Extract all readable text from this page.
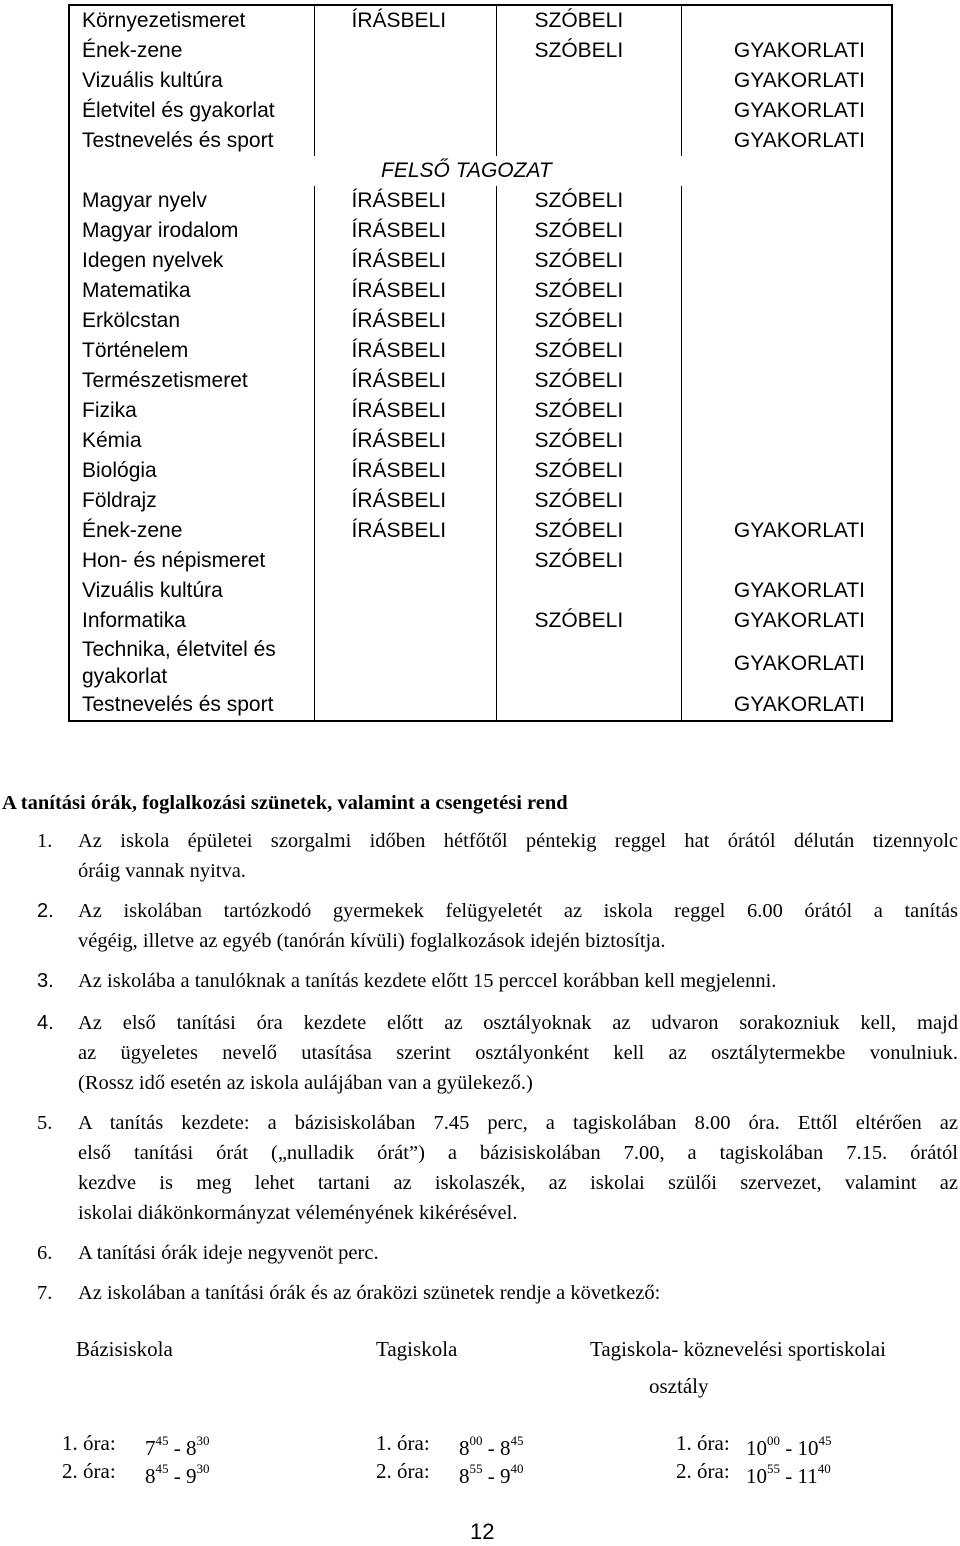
Környezetismeret	ÍRÁSBELI	SZÓBELI	
Ének-zene		SZÓBELI	GYAKORLATI
Vizuális kultúra			GYAKORLATI
Életvitel és gyakorlat			GYAKORLATI
Testnevelés és sport			GYAKORLATI
FELSŐ TAGOZAT			
Magyar nyelv	ÍRÁSBELI	SZÓBELI	
Magyar irodalom	ÍRÁSBELI	SZÓBELI	
Idegen nyelvek	ÍRÁSBELI	SZÓBELI	
Matematika	ÍRÁSBELI	SZÓBELI	
Erkölcstan	ÍRÁSBELI	SZÓBELI	
Történelem	ÍRÁSBELI	SZÓBELI	
Természetismeret	ÍRÁSBELI	SZÓBELI	
Fizika	ÍRÁSBELI	SZÓBELI	
Kémia	ÍRÁSBELI	SZÓBELI	
Biológia	ÍRÁSBELI	SZÓBELI	
Földrajz	ÍRÁSBELI	SZÓBELI	
Ének-zene	ÍRÁSBELI	SZÓBELI	GYAKORLATI
Hon- és népismeret		SZÓBELI	
Vizuális kultúra			GYAKORLATI
Informatika		SZÓBELI	GYAKORLATI

Technika, életvitel és
gyakorlat			GYAKORLATI
Testnevelés és sport			GYAKORLATI
A tanítási órák, foglalkozási szünetek, valamint a csengetési rend
1. Az iskola épületei szorgalmi időben hétfőtől péntekig reggel hat órától délután tizennyolc
óráig vannak nyitva.
2. Az iskolában tartózkodó gyermekek felügyeletét az iskola reggel 6.00 órától a tanítás
végéig, illetve az egyéb (tanórán kívüli) foglalkozások idején biztosítja.
3. Az iskolába a tanulóknak a tanítás kezdete előtt 15 perccel korábban kell megjelenni.
4. Az első tanítási óra kezdete előtt az osztályoknak az udvaron sorakozniuk kell, majd
az ügyeletes nevelő utasítása szerint osztályonként kell az osztálytermekbe vonulniuk.
(Rossz idő esetén az iskola aulájában van a gyülekező.)
5. A tanítás kezdete: a bázisiskolában 7.45 perc, a tagiskolában 8.00 óra. Ettől eltérően az
első tanítási órát („nulladik órát”) a bázisiskolában 7.00, a tagiskolában 7.15. órától
kezdve is meg lehet tartani az iskolaszék, az iskolai szülői szervezet, valamint az
iskolai diákönkormányzat véleményének kikérésével.
6. A tanítási órák ideje negyvenöt perc.
7. Az iskolában a tanítási órák és az óraközi szünetek rendje a következő:
Bázisiskola	Tagiskola	Tagiskola- köznevelési sportiskolai
osztály
1. óra: $7^{45} - 8^{30}$
2. óra: $8^{45} - 9^{30}$
1. óra: $8^{00} - 8^{45}$
2. óra: $8^{55} - 9^{40}$
1. óra: $10^{00} - 10^{45}$
2. óra: $10^{55} - 11^{40}$
12
